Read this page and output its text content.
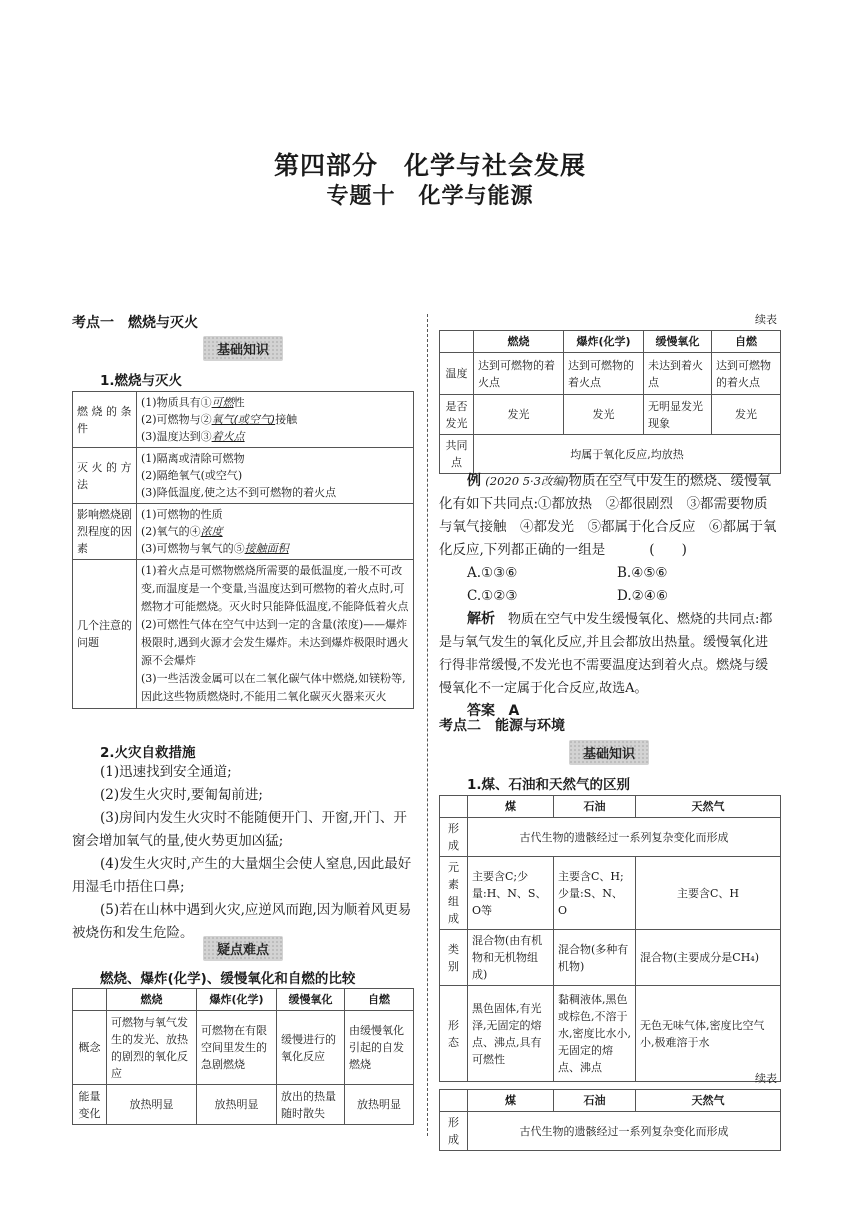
第四部分　化学与社会发展
专题十　化学与能源
考点一　燃烧与灭火
基础知识
1.燃烧与灭火
燃 烧 的 条件	(1)物质具有①可燃性
(2)可燃物与②氧气(或空气)接触
(3)温度达到③着火点

灭 火 的 方法	(1)隔离或清除可燃物
(2)隔绝氧气(或空气)
(3)降低温度,使之达不到可燃物的着火点

影响燃烧剧烈程度的因素	(1)可燃物的性质
(2)氧气的④浓度
(3)可燃物与氧气的⑤接触面积

几个注意的问题	(1)着火点是可燃物燃烧所需要的最低温度,一般不可改变,而温度是一个变量,当温度达到可燃物的着火点时,可燃物才可能燃烧。灭火时只能降低温度,不能降低着火点
(2)可燃性气体在空气中达到一定的含量(浓度)——爆炸极限时,遇到火源才会发生爆炸。未达到爆炸极限时遇火源不会爆炸
(3)一些活泼金属可以在二氧化碳气体中燃烧,如镁粉等,因此这些物质燃烧时,不能用二氧化碳灭火器来灭火
2.火灾自救措施
(1)迅速找到安全通道;
(2)发生火灾时,要匍匐前进;
(3)房间内发生火灾时不能随便开门、开窗,开门、开窗会增加氧气的量,使火势更加凶猛;
(4)发生火灾时,产生的大量烟尘会使人窒息,因此最好用湿毛巾捂住口鼻;
(5)若在山林中遇到火灾,应逆风而跑,因为顺着风更易被烧伤和发生危险。
疑点难点
燃烧、爆炸(化学)、缓慢氧化和自燃的比较
	燃烧	爆炸(化学)	缓慢氧化	自燃
概念	可燃物与氧气发生的发光、放热的剧烈的氧化反应	可燃物在有限空间里发生的急剧燃烧	缓慢进行的氧化反应	由缓慢氧化引起的自发燃烧
能量变化	放热明显	放热明显	放出的热量随时散失	放热明显
续表
	燃烧	爆炸(化学)	缓慢氧化	自燃
温度	达到可燃物的着火点	达到可燃物的着火点	未达到着火点	达到可燃物的着火点
是否发光	发光	发光	无明显发光现象	发光
共同点	均属于氧化反应,均放热			
例 (2020 5·3改编)物质在空气中发生的燃烧、缓慢氧化有如下共同点:①都放热　②都很剧烈　③都需要物质与氧气接触　④都发光　⑤都属于化合反应　⑥都属于氧化反应,下列都正确的一组是	(　　)
A.①③⑥	B.④⑤⑥
C.①②③	D.②④⑥
解析　 物质在空气中发生缓慢氧化、燃烧的共同点:都是与氧气发生的氧化反应,并且会都放出热量。缓慢氧化进行得非常缓慢,不发光也不需要温度达到着火点。燃烧与缓慢氧化不一定属于化合反应,故选A。
答案　 A
考点二　能源与环境
基础知识
1.煤、石油和天然气的区别
	煤	石油	天然气
形成	古代生物的遗骸经过一系列复杂变化而形成		
元素组成	主要含C;少量:H、N、S、O等	主要含C、H;少量:S、N、O	主要含C、H
类别	混合物(由有机物和无机物组成)	混合物(多种有机物)	混合物(主要成分是CH₄)
形态	黑色固体,有光泽,无固定的熔点、沸点,具有可燃性	黏稠液体,黑色或棕色,不溶于水,密度比水小,无固定的熔点、沸点	无色无味气体,密度比空气小,极难溶于水
续表
	煤	石油	天然气
形成	古代生物的遗骸经过一系列复杂变化而形成		
